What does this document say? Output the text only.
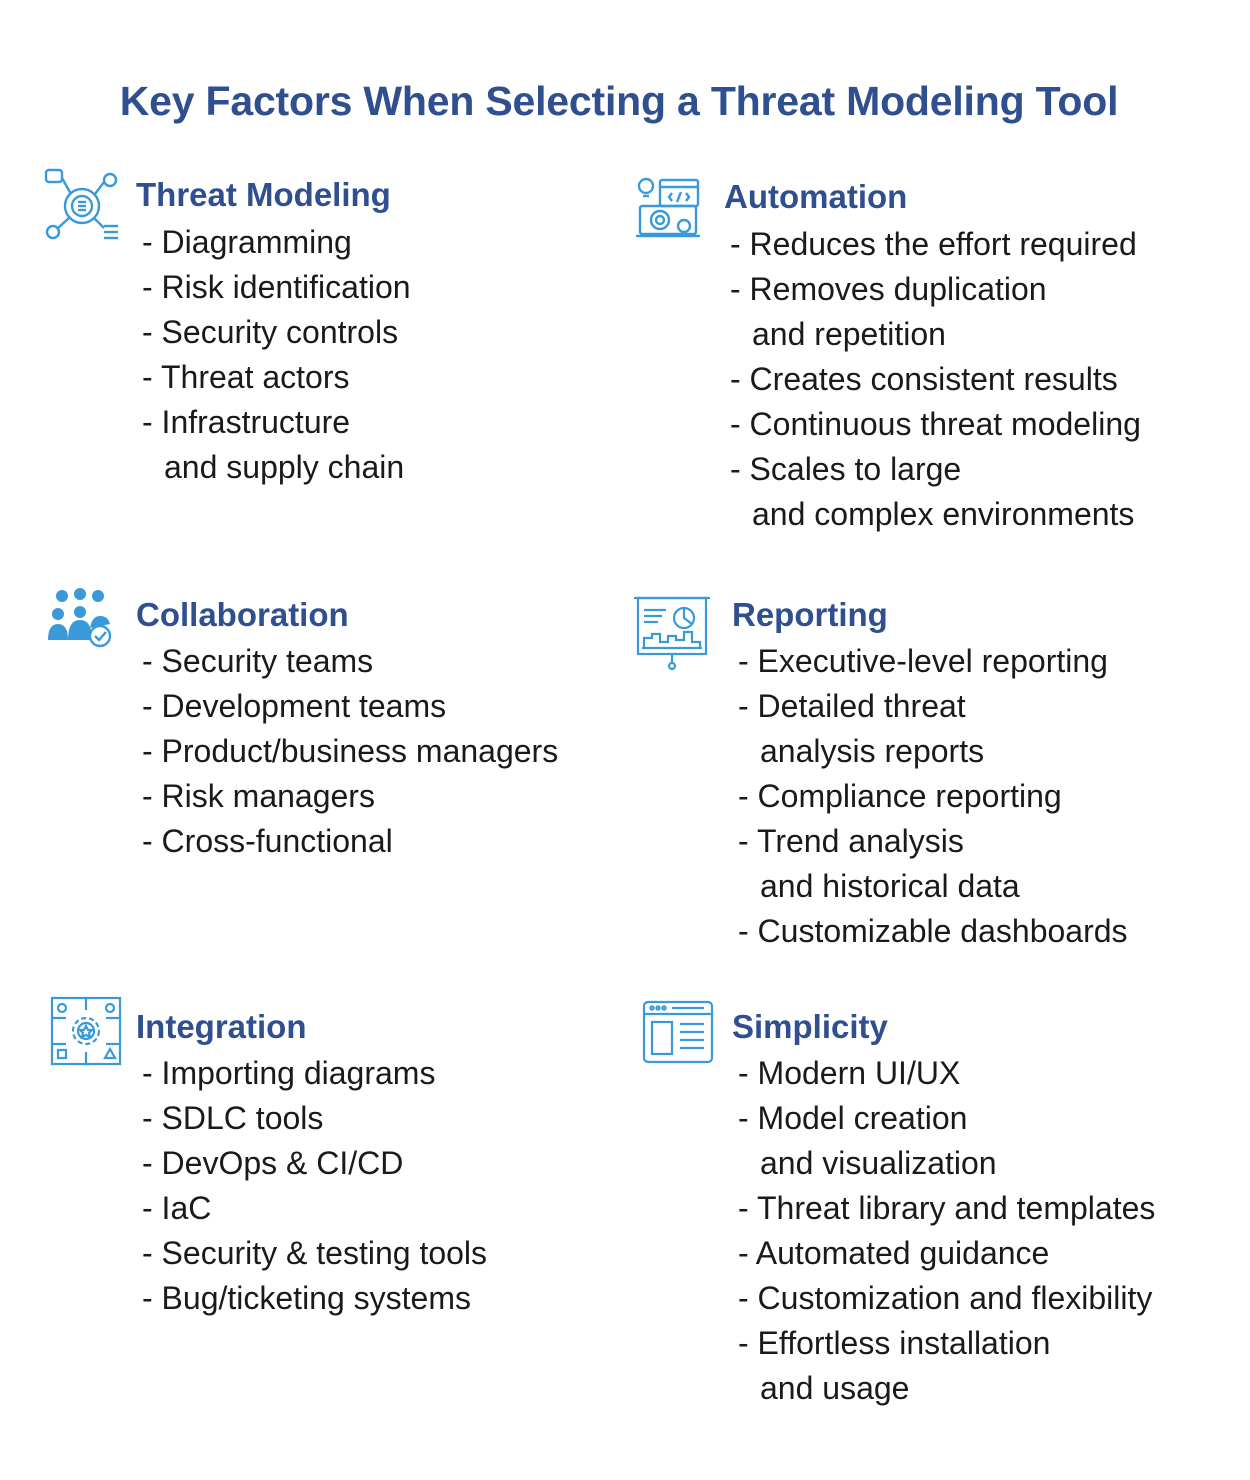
Key Factors When Selecting a Threat Modeling Tool
Threat Modeling
- Diagramming
- Risk identification
- Security controls
- Threat actors
- Infrastructure
and supply chain
Automation
- Reduces the effort required
- Removes duplication
and repetition
- Creates consistent results
- Continuous threat modeling
- Scales to large
and complex environments
Collaboration
- Security teams
- Development teams
- Product/business managers
- Risk managers
- Cross-functional
Reporting
- Executive-level reporting
- Detailed threat
analysis reports
- Compliance reporting
- Trend analysis
and historical data
- Customizable dashboards
Integration
- Importing diagrams
- SDLC tools
- DevOps & CI/CD
- IaC
- Security & testing tools
- Bug/ticketing systems
Simplicity
- Modern UI/UX
- Model creation
and visualization
- Threat library and templates
- Automated guidance
- Customization and flexibility
- Effortless installation
and usage
